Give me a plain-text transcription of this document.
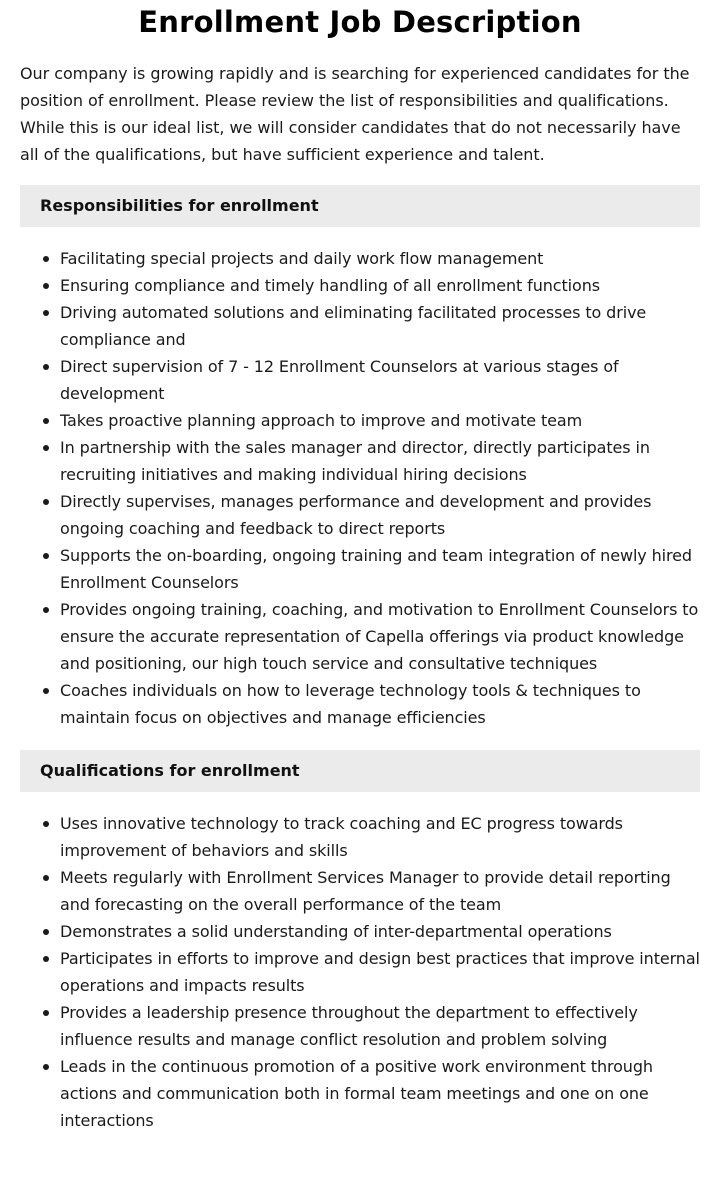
Enrollment Job Description

Our company is growing rapidly and is searching for experienced candidates for the position of enrollment. Please review the list of responsibilities and qualifications. While this is our ideal list, we will consider candidates that do not necessarily have all of the qualifications, but have sufficient experience and talent.

Responsibilities for enrollment
Facilitating special projects and daily work flow management
Ensuring compliance and timely handling of all enrollment functions
Driving automated solutions and eliminating facilitated processes to drive compliance and
Direct supervision of 7 - 12 Enrollment Counselors at various stages of development
Takes proactive planning approach to improve and motivate team
In partnership with the sales manager and director, directly participates in recruiting initiatives and making individual hiring decisions
Directly supervises, manages performance and development and provides ongoing coaching and feedback to direct reports
Supports the on-boarding, ongoing training and team integration of newly hired Enrollment Counselors
Provides ongoing training, coaching, and motivation to Enrollment Counselors to ensure the accurate representation of Capella offerings via product knowledge and positioning, our high touch service and consultative techniques
Coaches individuals on how to leverage technology tools & techniques to maintain focus on objectives and manage efficiencies
Qualifications for enrollment
Uses innovative technology to track coaching and EC progress towards improvement of behaviors and skills
Meets regularly with Enrollment Services Manager to provide detail reporting and forecasting on the overall performance of the team
Demonstrates a solid understanding of inter-departmental operations
Participates in efforts to improve and design best practices that improve internal operations and impacts results
Provides a leadership presence throughout the department to effectively influence results and manage conflict resolution and problem solving
Leads in the continuous promotion of a positive work environment through actions and communication both in formal team meetings and one on one interactions
